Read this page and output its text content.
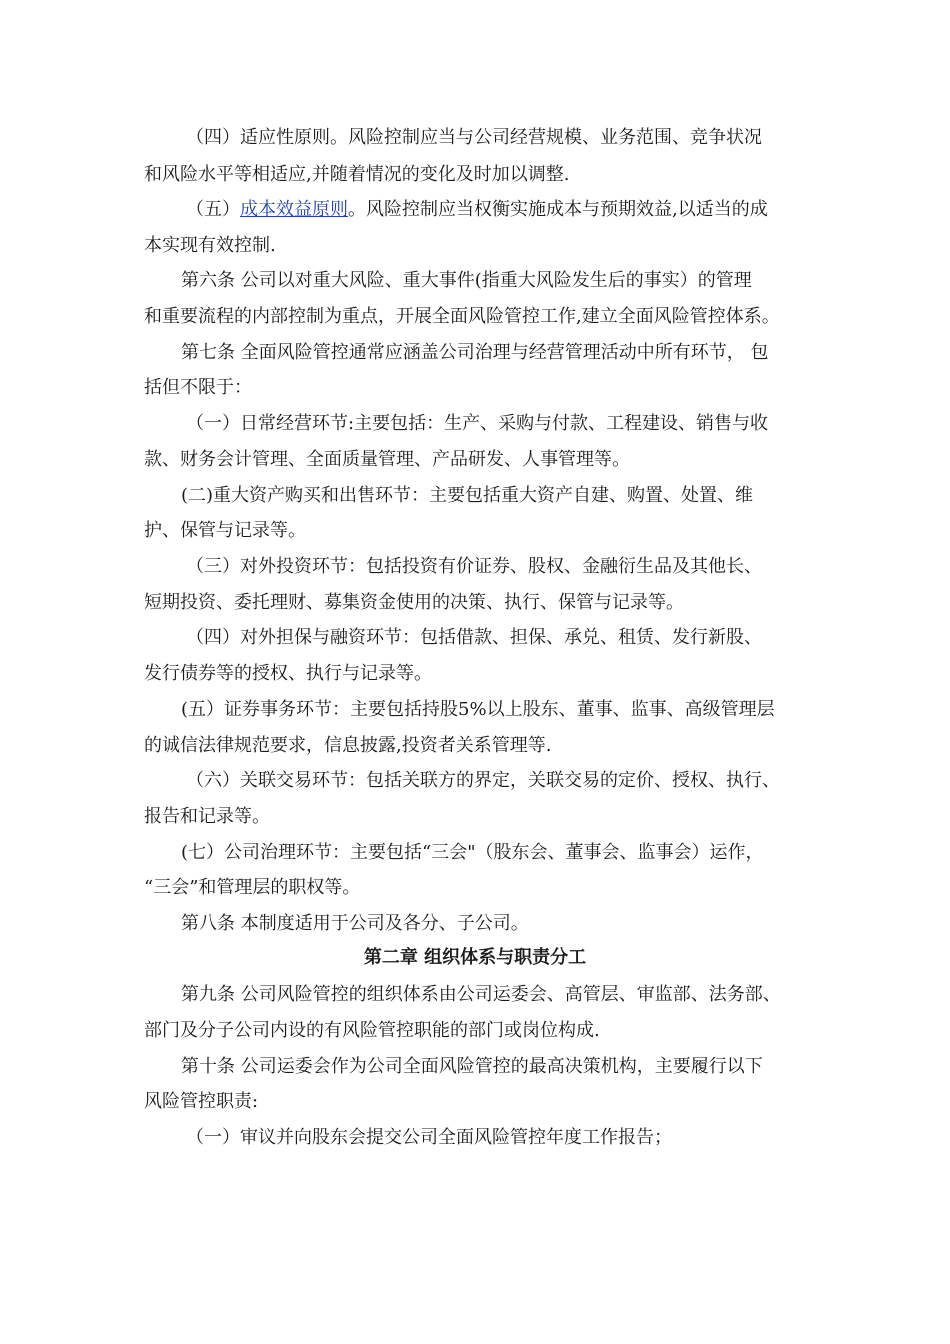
（四）适应性原则。风险控制应当与公司经营规模、业务范围、竞争状况

和风险水平等相适应,并随着情况的变化及时加以调整.

（五）成本效益原则。风险控制应当权衡实施成本与预期效益,以适当的成

本实现有效控制.

第六条 公司以对重大风险、重大事件(指重大风险发生后的事实）的管理

和重要流程的内部控制为重点，开展全面风险管控工作,建立全面风险管控体系。

第七条 全面风险管控通常应涵盖公司治理与经营管理活动中所有环节， 包

括但不限于：

（一）日常经营环节:主要包括：生产、采购与付款、工程建设、销售与收

款、财务会计管理、全面质量管理、产品研发、人事管理等。

(二)重大资产购买和出售环节：主要包括重大资产自建、购置、处置、维

护、保管与记录等。

（三）对外投资环节：包括投资有价证券、股权、金融衍生品及其他长、

短期投资、委托理财、募集资金使用的决策、执行、保管与记录等。

（四）对外担保与融资环节：包括借款、担保、承兑、租赁、发行新股、

发行债券等的授权、执行与记录等。

(五）证券事务环节：主要包括持股5%以上股东、董事、监事、高级管理层

的诚信法律规范要求，信息披露,投资者关系管理等.

（六）关联交易环节：包括关联方的界定，关联交易的定价、授权、执行、

报告和记录等。

(七）公司治理环节：主要包括“三会"（股东会、董事会、监事会）运作，

“三会”和管理层的职权等。

第八条 本制度适用于公司及各分、子公司。

第二章 组织体系与职责分工

第九条 公司风险管控的组织体系由公司运委会、高管层、审监部、法务部、

部门及分子公司内设的有风险管控职能的部门或岗位构成.

第十条 公司运委会作为公司全面风险管控的最高决策机构，主要履行以下

风险管控职责:

（一）审议并向股东会提交公司全面风险管控年度工作报告；
